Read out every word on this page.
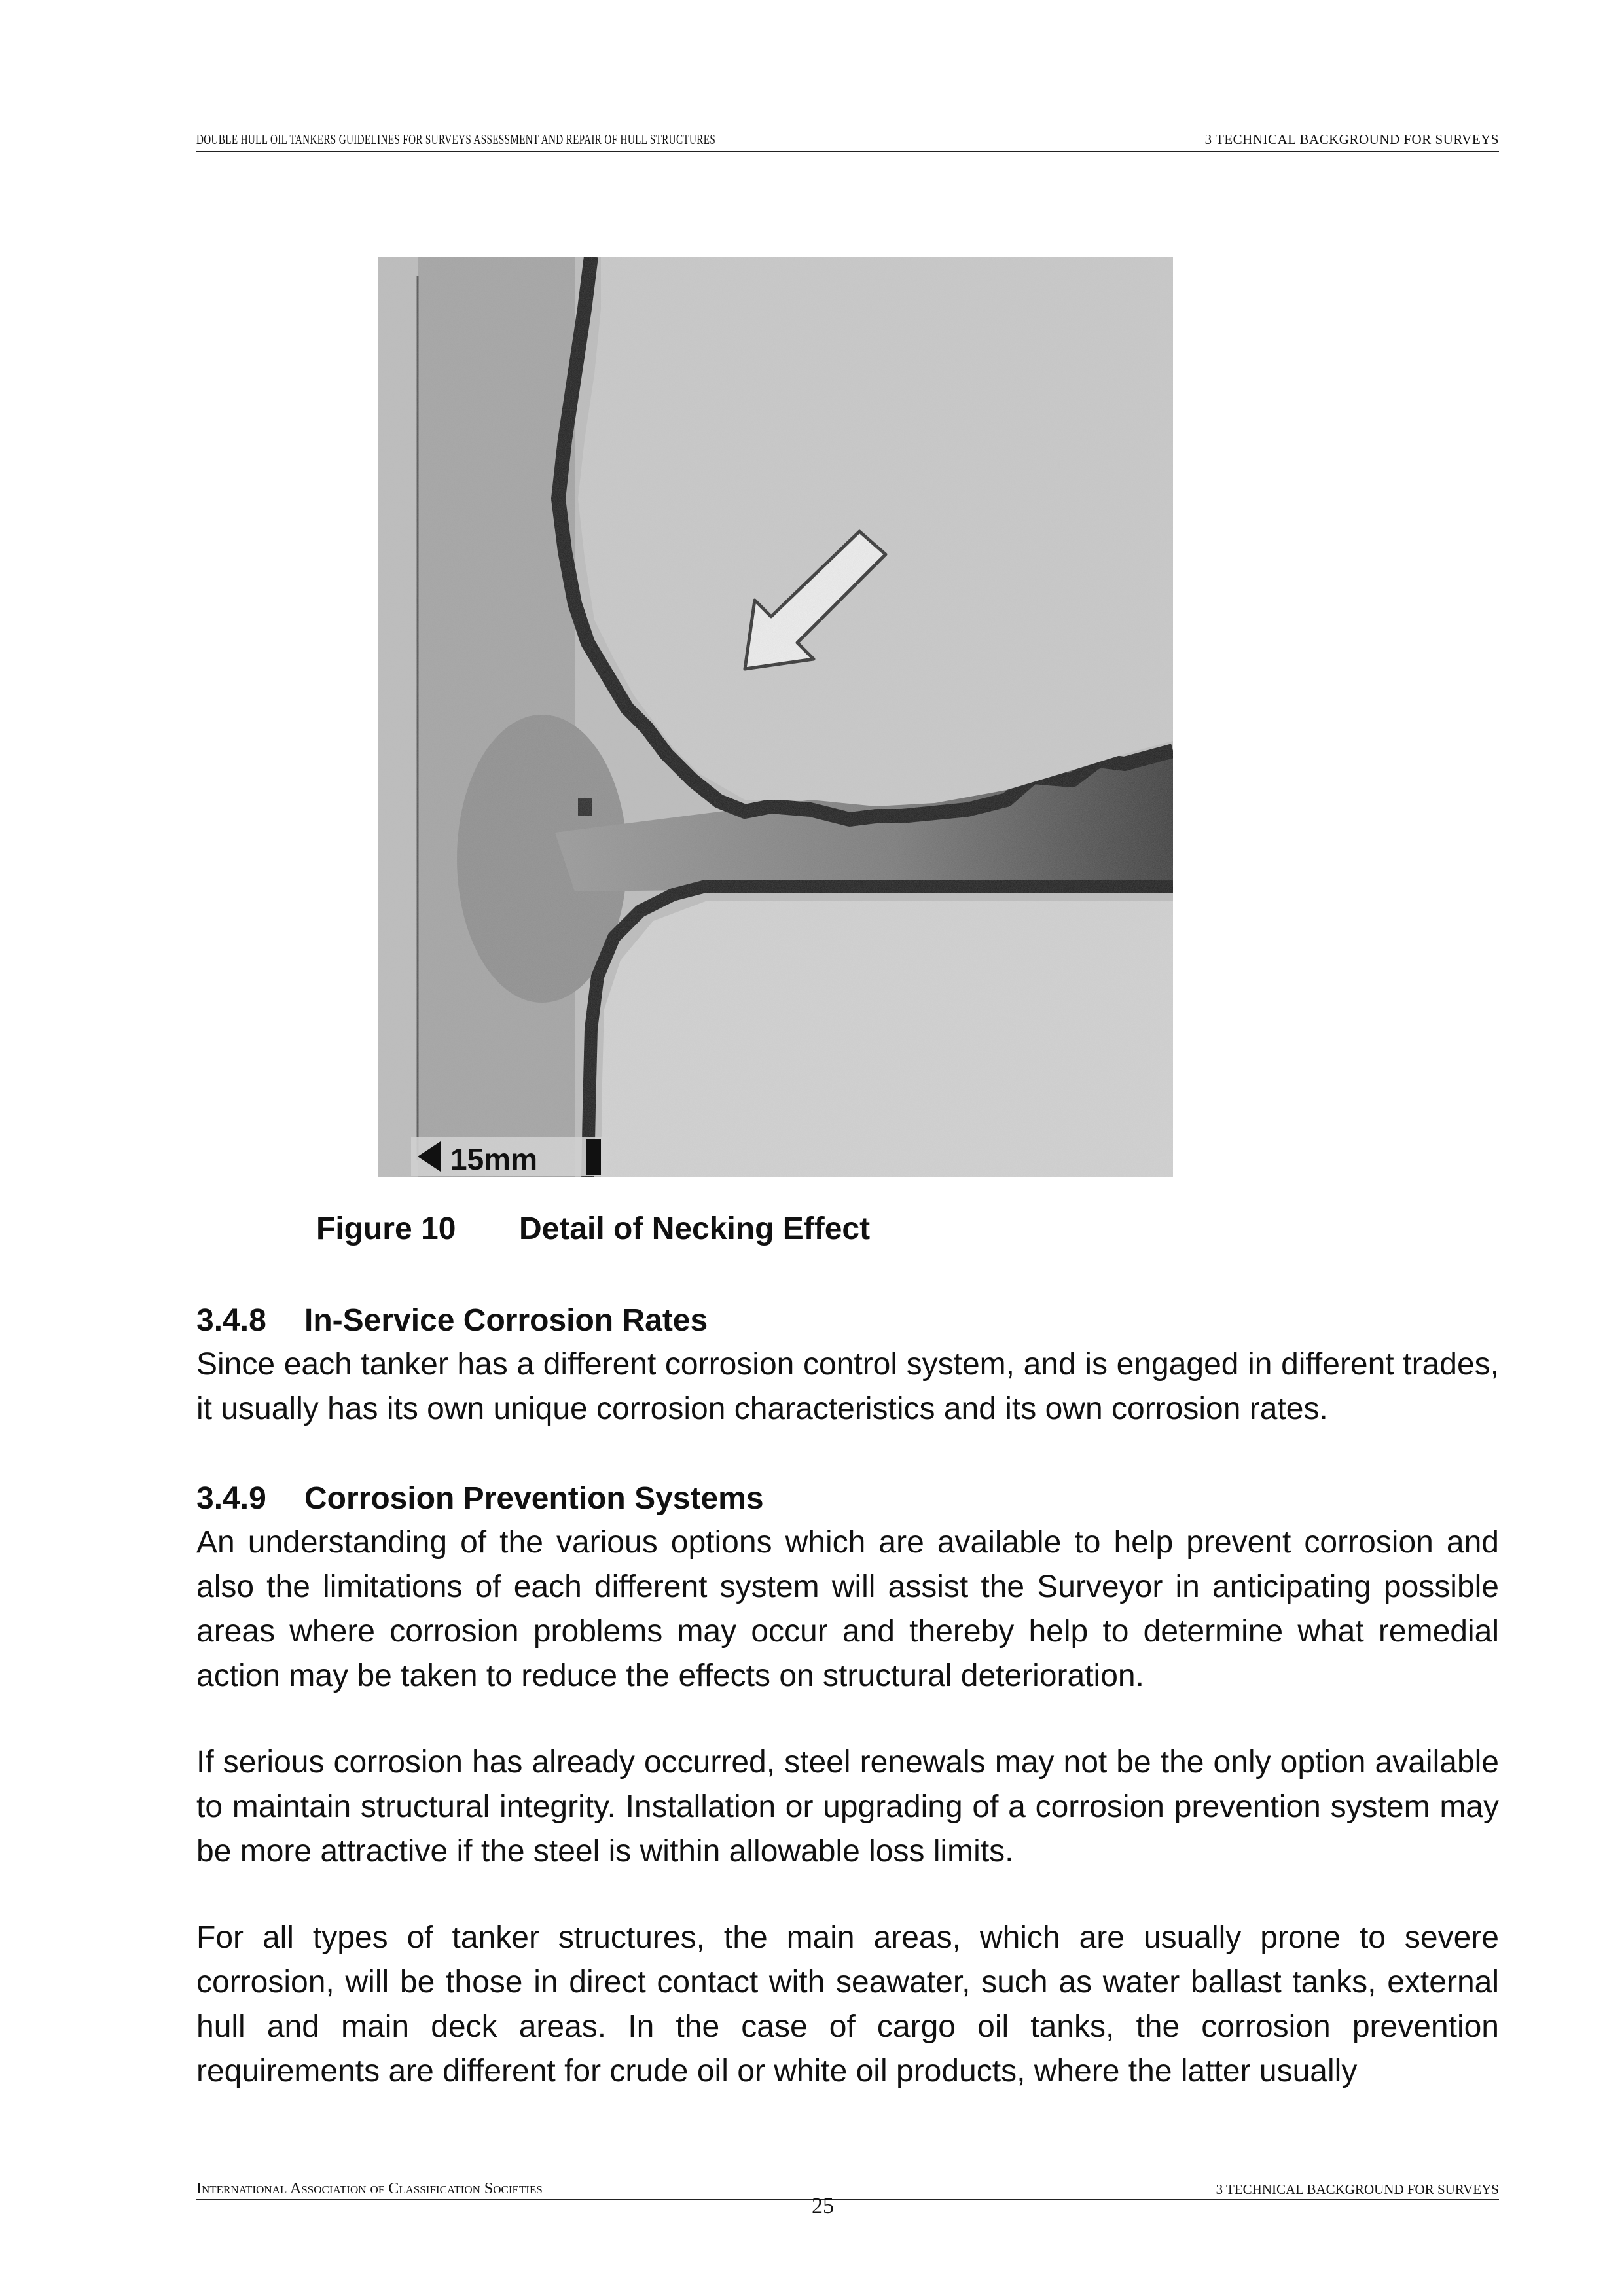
DOUBLE HULL OIL TANKERS GUIDELINES FOR SURVEYS ASSESSMENT AND REPAIR OF HULL STRUCTURES	3 TECHNICAL BACKGROUND FOR SURVEYS
15mm
Figure 10 Detail of Necking Effect
3.4.8 In-Service Corrosion Rates

Since each tanker has a different corrosion control system, and is engaged in different trades, it usually has its own unique corrosion characteristics and its own corrosion rates.

3.4.9 Corrosion Prevention Systems

An understanding of the various options which are available to help prevent corrosion and also the limitations of each different system will assist the Surveyor in anticipating possible areas where corrosion problems may occur and thereby help to determine what remedial action may be taken to reduce the effects on structural deterioration.

If serious corrosion has already occurred, steel renewals may not be the only option available to maintain structural integrity. Installation or upgrading of a corrosion prevention system may be more attractive if the steel is within allowable loss limits.

For all types of tanker structures, the main areas, which are usually prone to severe corrosion, will be those in direct contact with seawater, such as water ballast tanks, external hull and main deck areas. In the case of cargo oil tanks, the corrosion prevention requirements are different for crude oil or white oil products, where the latter usually

International Association of Classification Societies	3 TECHNICAL BACKGROUND FOR SURVEYS
25
